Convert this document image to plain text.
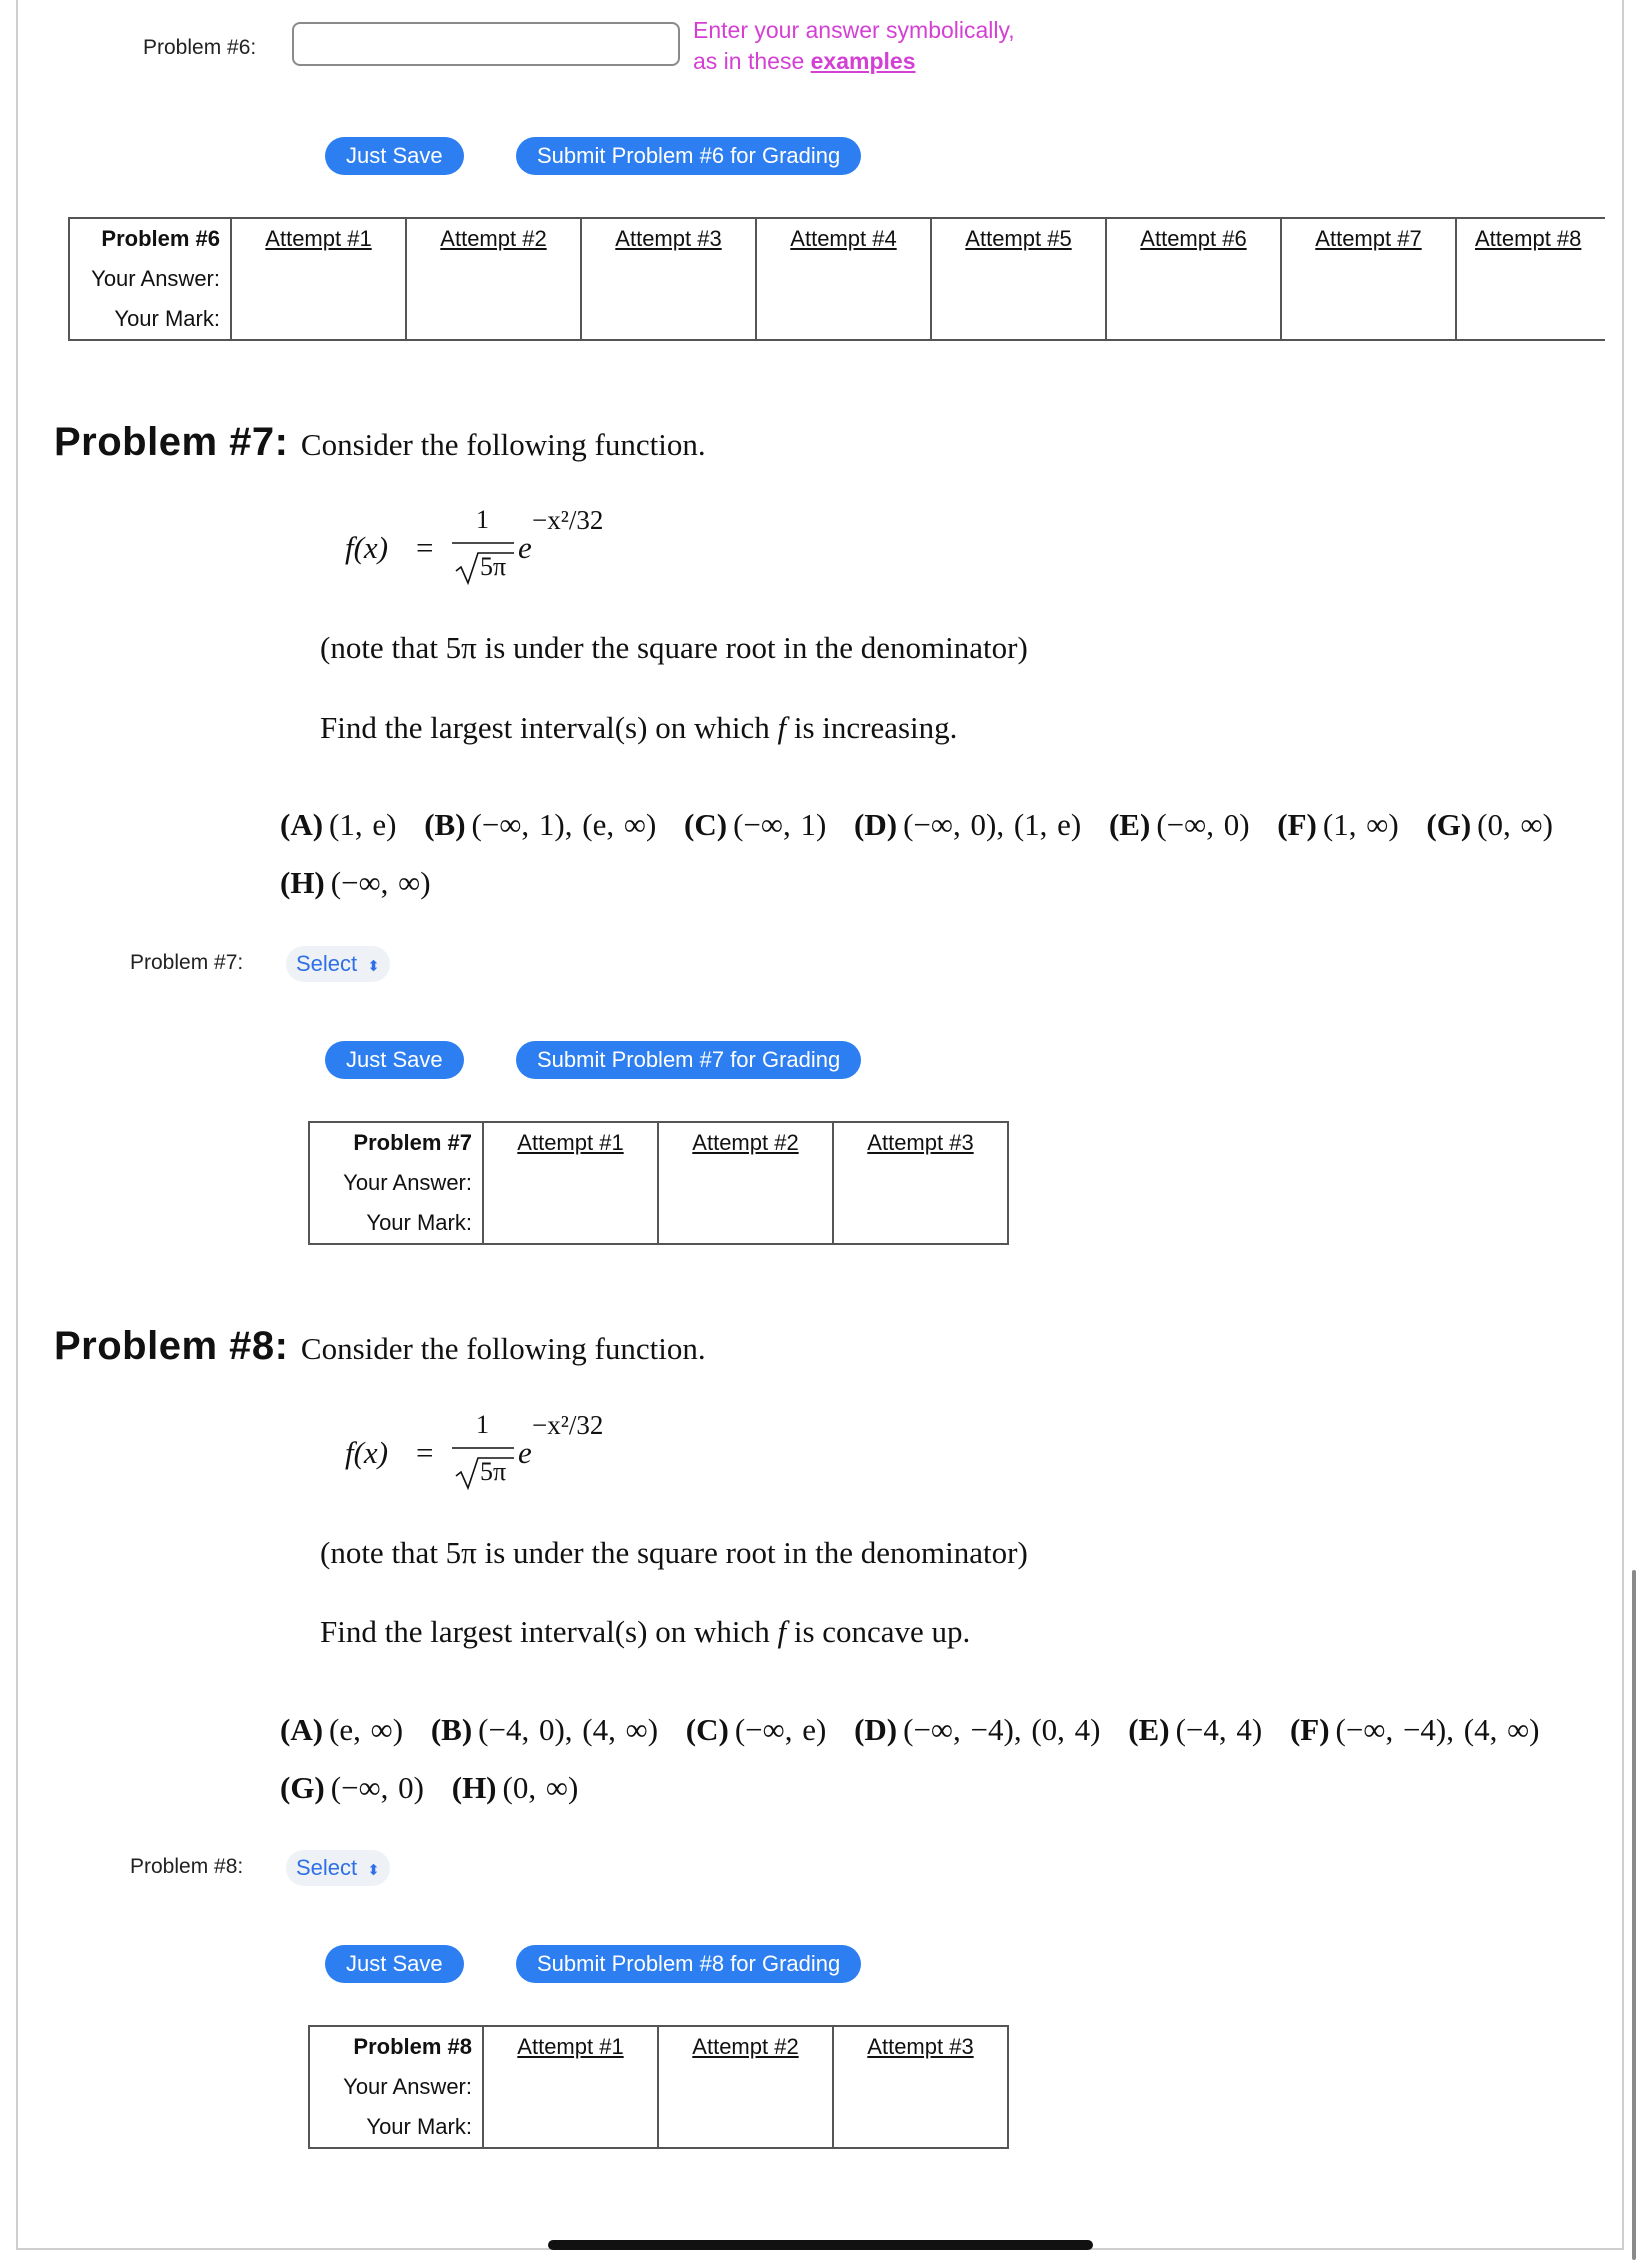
Problem #6:
Enter your answer symbolically,
as in these examples
Just Save	Submit Problem #6 for Grading
Problem #6	Attempt #1	Attempt #2	Attempt #3	Attempt #4	Attempt #5	Attempt #6	Attempt #7	Attempt #8
Your Answer:								
Your Mark:								
Problem #7: Consider the following function.
f(x) =
1
5π
e
−x²/32
(note that 5π is under the square root in the denominator)
Find the largest interval(s) on which f is increasing.
(A) (1, e) (B) (−∞, 1), (e, ∞) (C) (−∞, 1) (D) (−∞, 0), (1, e) (E) (−∞, 0) (F) (1, ∞) (G) (0, ∞)
(H) (−∞, ∞)
Problem #7:	Select ⬍
Just Save	Submit Problem #7 for Grading
Problem #7	Attempt #1	Attempt #2	Attempt #3
Your Answer:			
Your Mark:			
Problem #8: Consider the following function.
f(x) =
1
5π
e
−x²/32
(note that 5π is under the square root in the denominator)
Find the largest interval(s) on which f is concave up.
(A) (e, ∞) (B) (−4, 0), (4, ∞) (C) (−∞, e) (D) (−∞, −4), (0, 4) (E) (−4, 4) (F) (−∞, −4), (4, ∞)
(G) (−∞, 0) (H) (0, ∞)
Problem #8:	Select ⬍
Just Save	Submit Problem #8 for Grading
Problem #8	Attempt #1	Attempt #2	Attempt #3
Your Answer:			
Your Mark:			
